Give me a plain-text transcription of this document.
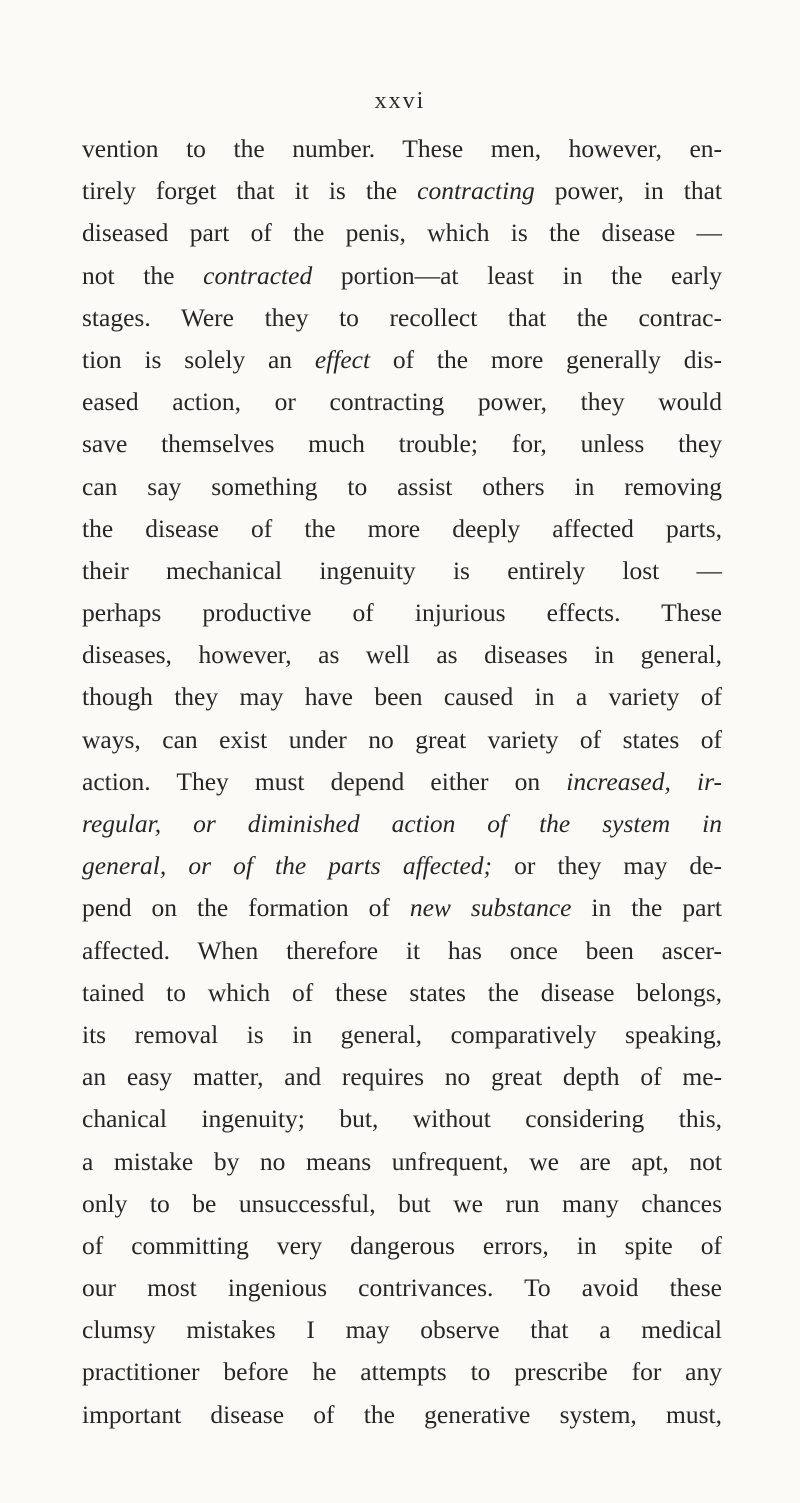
xxvi
vention to the number. These men, however, en-
tirely forget that it is the contracting power, in that
diseased part of the penis, which is the disease —
not the contracted portion—at least in the early
stages. Were they to recollect that the contrac-
tion is solely an effect of the more generally dis-
eased action, or contracting power, they would
save themselves much trouble; for, unless they
can say something to assist others in removing
the disease of the more deeply affected parts,
their mechanical ingenuity is entirely lost —
perhaps productive of injurious effects. These
diseases, however, as well as diseases in general,
though they may have been caused in a variety of
ways, can exist under no great variety of states of
action. They must depend either on increased, ir-
regular, or diminished action of the system in
general, or of the parts affected; or they may de-
pend on the formation of new substance in the part
affected. When therefore it has once been ascer-
tained to which of these states the disease belongs,
its removal is in general, comparatively speaking,
an easy matter, and requires no great depth of me-
chanical ingenuity; but, without considering this,
a mistake by no means unfrequent, we are apt, not
only to be unsuccessful, but we run many chances
of committing very dangerous errors, in spite of
our most ingenious contrivances. To avoid these
clumsy mistakes I may observe that a medical
practitioner before he attempts to prescribe for any
important disease of the generative system, must,
